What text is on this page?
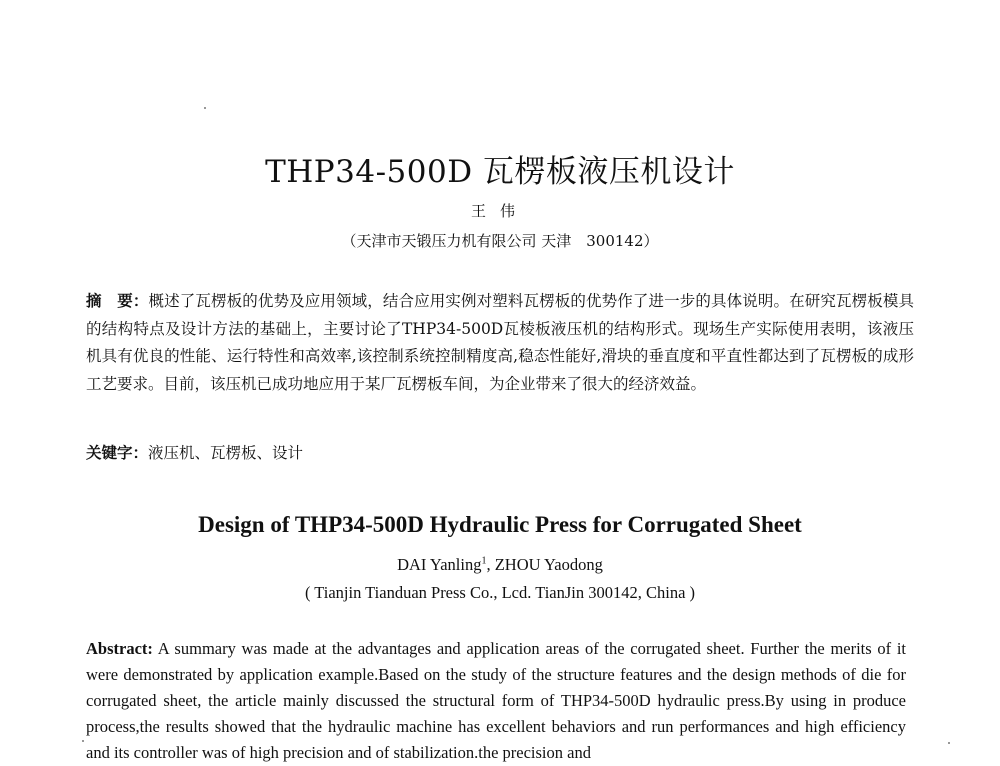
THP34-500D 瓦楞板液压机设计
王伟
（天津市天锻压力机有限公司 天津　300142）
摘　要：概述了瓦楞板的优势及应用领域，结合应用实例对塑料瓦楞板的优势作了进一步的具体说明。在研究瓦楞板模具的结构特点及设计方法的基础上，主要讨论了THP34-500D瓦棱板液压机的结构形式。现场生产实际使用表明，该液压机具有优良的性能、运行特性和高效率,该控制系统控制精度高,稳态性能好,滑块的垂直度和平直性都达到了瓦楞板的成形工艺要求。目前，该压机已成功地应用于某厂瓦楞板车间，为企业带来了很大的经济效益。
关键字：液压机、瓦楞板、设计
Design of THP34-500D Hydraulic Press for Corrugated Sheet
DAI Yanling$^1$, ZHOU Yaodong
( Tianjin Tianduan Press Co., Lcd. TianJin 300142, China )
Abstract: A summary was made at the advantages and application areas of the corrugated sheet. Further the merits of it were demonstrated by application example.Based on the study of the structure features and the design methods of die for corrugated sheet, the article mainly discussed the structural form of THP34-500D hydraulic press.By using in produce process,the results showed that the hydraulic machine has excellent behaviors and run performances and high efficiency and its controller was of high precision and of stabilization.the precision and
